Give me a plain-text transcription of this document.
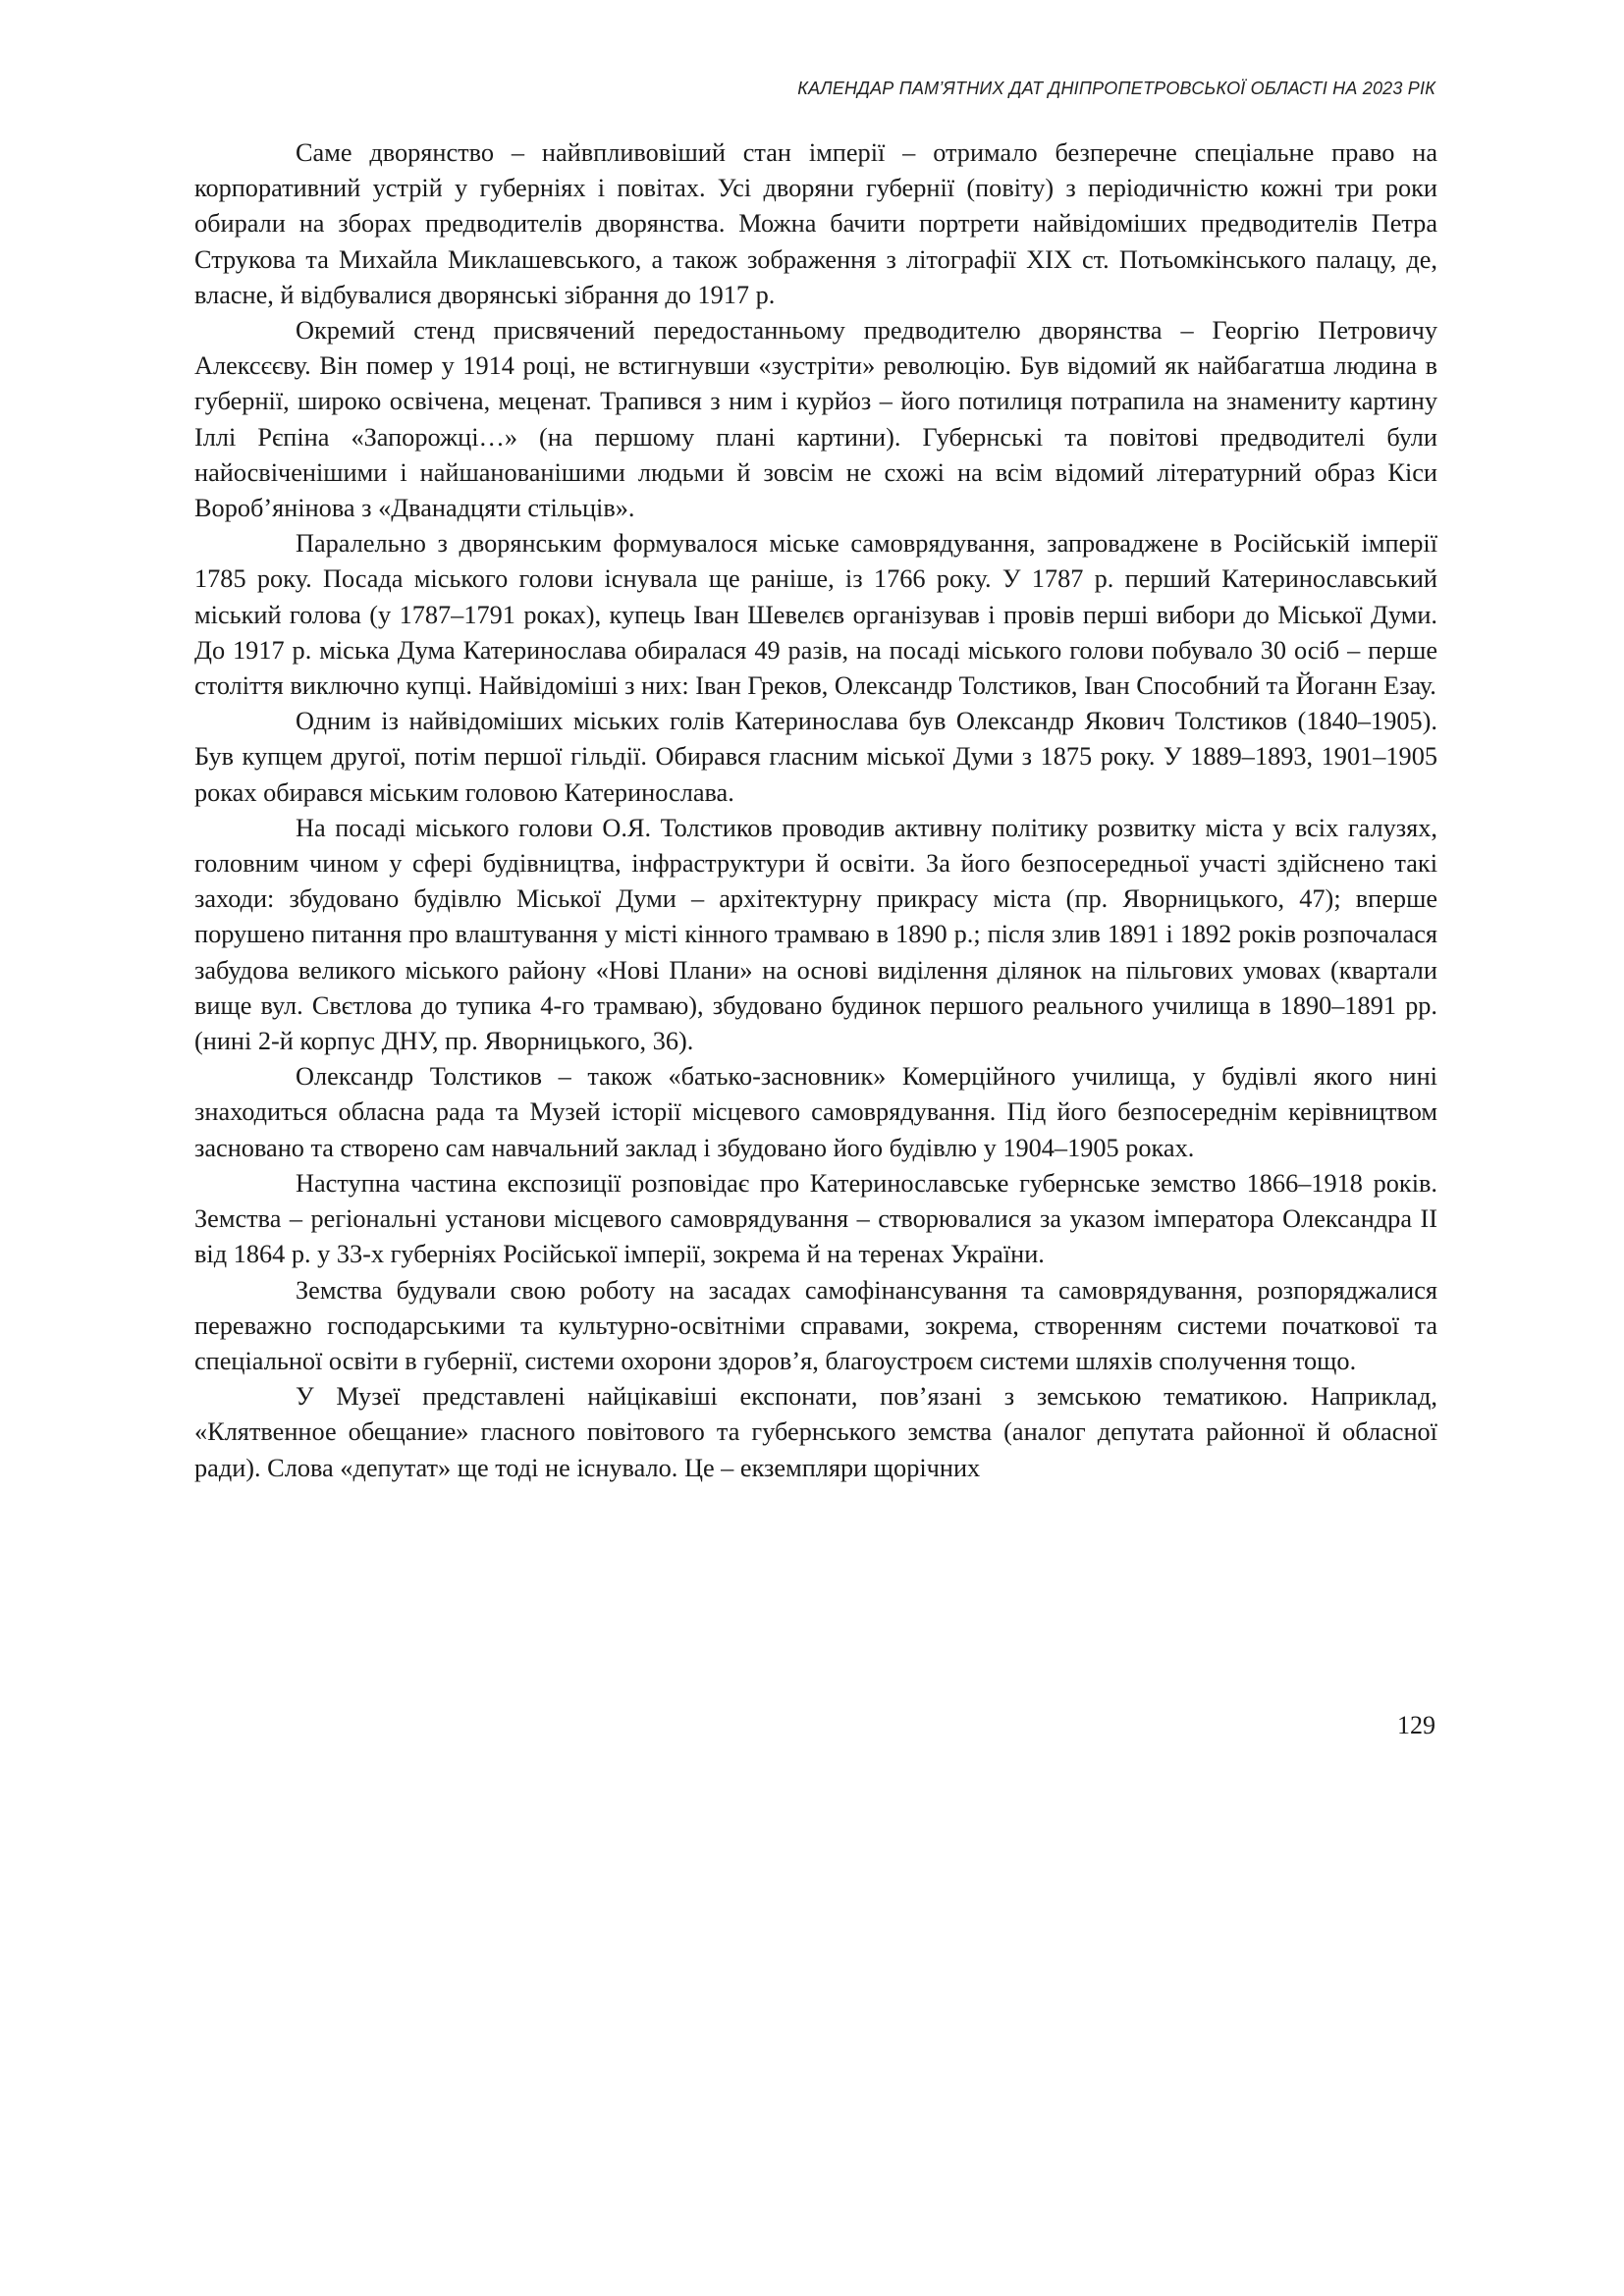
КАЛЕНДАР ПАМ’ЯТНИХ ДАТ ДНІПРОПЕТРОВСЬКОЇ ОБЛАСТІ НА 2023 РІК

Саме дворянство – найвпливовіший стан імперії – отримало безперечне спеціальне право на корпоративний устрій у губерніях і повітах. Усі дворяни губернії (повіту) з періодичністю кожні три роки обирали на зборах предводителів дворянства. Можна бачити портрети найвідоміших предводителів Петра Струкова та Михайла Миклашевського, а також зображення з літографії XIX ст. Потьомкінського палацу, де, власне, й відбувалися дворянські зібрання до 1917 р.

Окремий стенд присвячений передостанньому предводителю дворянства – Георгію Петровичу Алексєєву. Він помер у 1914 році, не встигнувши «зустріти» революцію. Був відомий як найбагатша людина в губернії, широко освічена, меценат. Трапився з ним і курйоз – його потилиця потрапила на знамениту картину Іллі Рєпіна «Запорожці…» (на першому плані картини). Губернські та повітові предводителі були найосвіченішими і найшанованішими людьми й зовсім не схожі на всім відомий літературний образ Кіси Вороб’янінова з «Дванадцяти стільців».

Паралельно з дворянським формувалося міське самоврядування, запроваджене в Російській імперії 1785 року. Посада міського голови існувала ще раніше, із 1766 року. У 1787 р. перший Катеринославський міський голова (у 1787–1791 роках), купець Іван Шевелєв організував і провів перші вибори до Міської Думи. До 1917 р. міська Дума Катеринослава обиралася 49 разів, на посаді міського голови побувало 30 осіб – перше століття виключно купці. Найвідоміші з них: Іван Греков, Олександр Толстиков, Іван Способний та Йоганн Езау.

Одним із найвідоміших міських голів Катеринослава був Олександр Якович Толстиков (1840–1905). Був купцем другої, потім першої гільдії. Обирався гласним міської Думи з 1875 року. У 1889–1893, 1901–1905 роках обирався міським головою Катеринослава.

На посаді міського голови О.Я. Толстиков проводив активну політику розвитку міста у всіх галузях, головним чином у сфері будівництва, інфраструктури й освіти. За його безпосередньої участі здійснено такі заходи: збудовано будівлю Міської Думи – архітектурну прикрасу міста (пр. Яворницького, 47); вперше порушено питання про влаштування у місті кінного трамваю в 1890 р.; після злив 1891 і 1892 років розпочалася забудова великого міського району «Нові Плани» на основі виділення ділянок на пільгових умовах (квартали вище вул. Свєтлова до тупика 4-го трамваю), збудовано будинок першого реального училища в 1890–1891 рр. (нині 2-й корпус ДНУ, пр. Яворницького, 36).

Олександр Толстиков – також «батько-засновник» Комерційного училища, у будівлі якого нині знаходиться обласна рада та Музей історії місцевого самоврядування. Під його безпосереднім керівництвом засновано та створено сам навчальний заклад і збудовано його будівлю у 1904–1905 роках.

Наступна частина експозиції розповідає про Катеринославське губернське земство 1866–1918 років. Земства – регіональні установи місцевого самоврядування – створювалися за указом імператора Олександра II від 1864 р. у 33-х губерніях Російської імперії, зокрема й на теренах України.

Земства будували свою роботу на засадах самофінансування та самоврядування, розпоряджалися переважно господарськими та культурно-освітніми справами, зокрема, створенням системи початкової та спеціальної освіти в губернії, системи охорони здоров’я, благоустроєм системи шляхів сполучення тощо.

У Музеї представлені найцікавіші експонати, пов’язані з земською тематикою. Наприклад, «Клятвенное обещание» гласного повітового та губернського земства (аналог депутата районної й обласної ради). Слова «депутат» ще тоді не існувало. Це – екземпляри щорічних

129
